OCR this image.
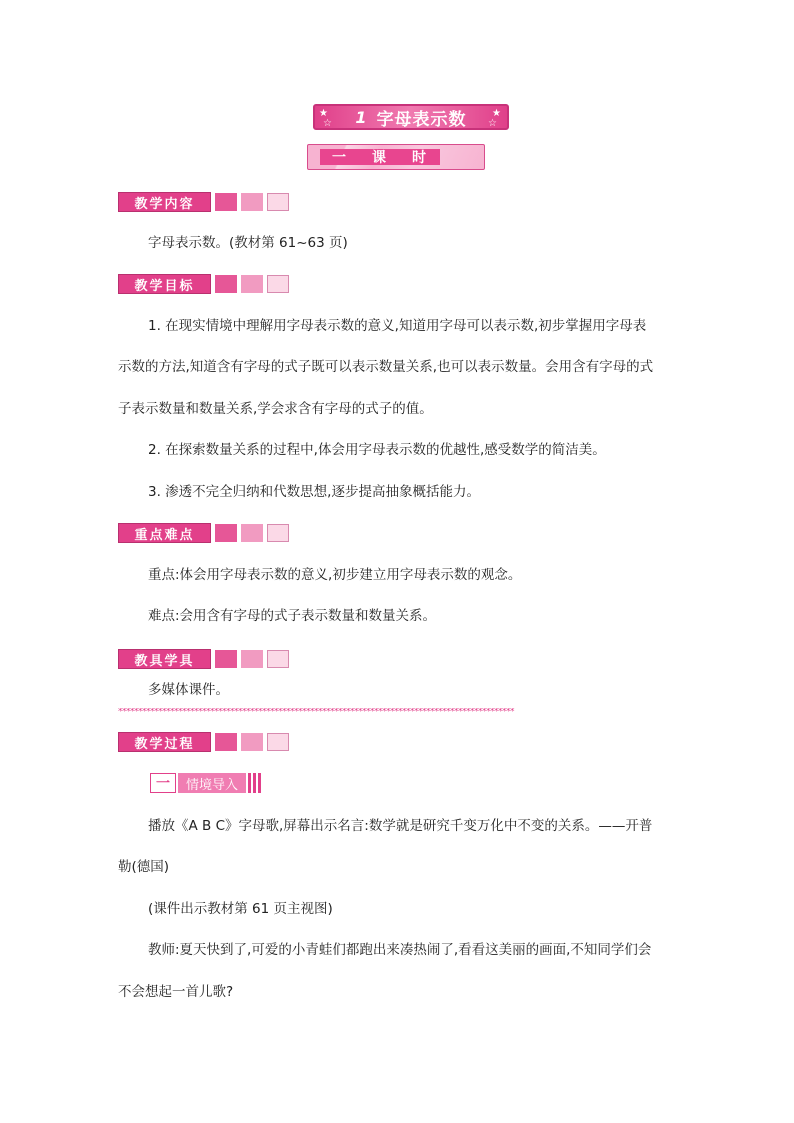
★
☆ 1 字母表示数	★
☆
一 课 时
教学内容
字母表示数。(教材第 61~63 页)
教学目标
1. 在现实情境中理解用字母表示数的意义,知道用字母可以表示数,初步掌握用字母表
示数的方法,知道含有字母的式子既可以表示数量关系,也可以表示数量。会用含有字母的式
子表示数量和数量关系,学会求含有字母的式子的值。
2. 在探索数量关系的过程中,体会用字母表示数的优越性,感受数学的简洁美。
3. 渗透不完全归纳和代数思想,逐步提高抽象概括能力。
重点难点
重点:体会用字母表示数的意义,初步建立用字母表示数的观念。
难点:会用含有字母的式子表示数量和数量关系。
教具学具
多媒体课件。
***************************************************************************************************
教学过程
一	情境导入
播放《A B C》字母歌,屏幕出示名言:数学就是研究千变万化中不变的关系。——开普
勒(德国)
(课件出示教材第 61 页主视图)
教师:夏天快到了,可爱的小青蛙们都跑出来凑热闹了,看看这美丽的画面,不知同学们会
不会想起一首儿歌?
